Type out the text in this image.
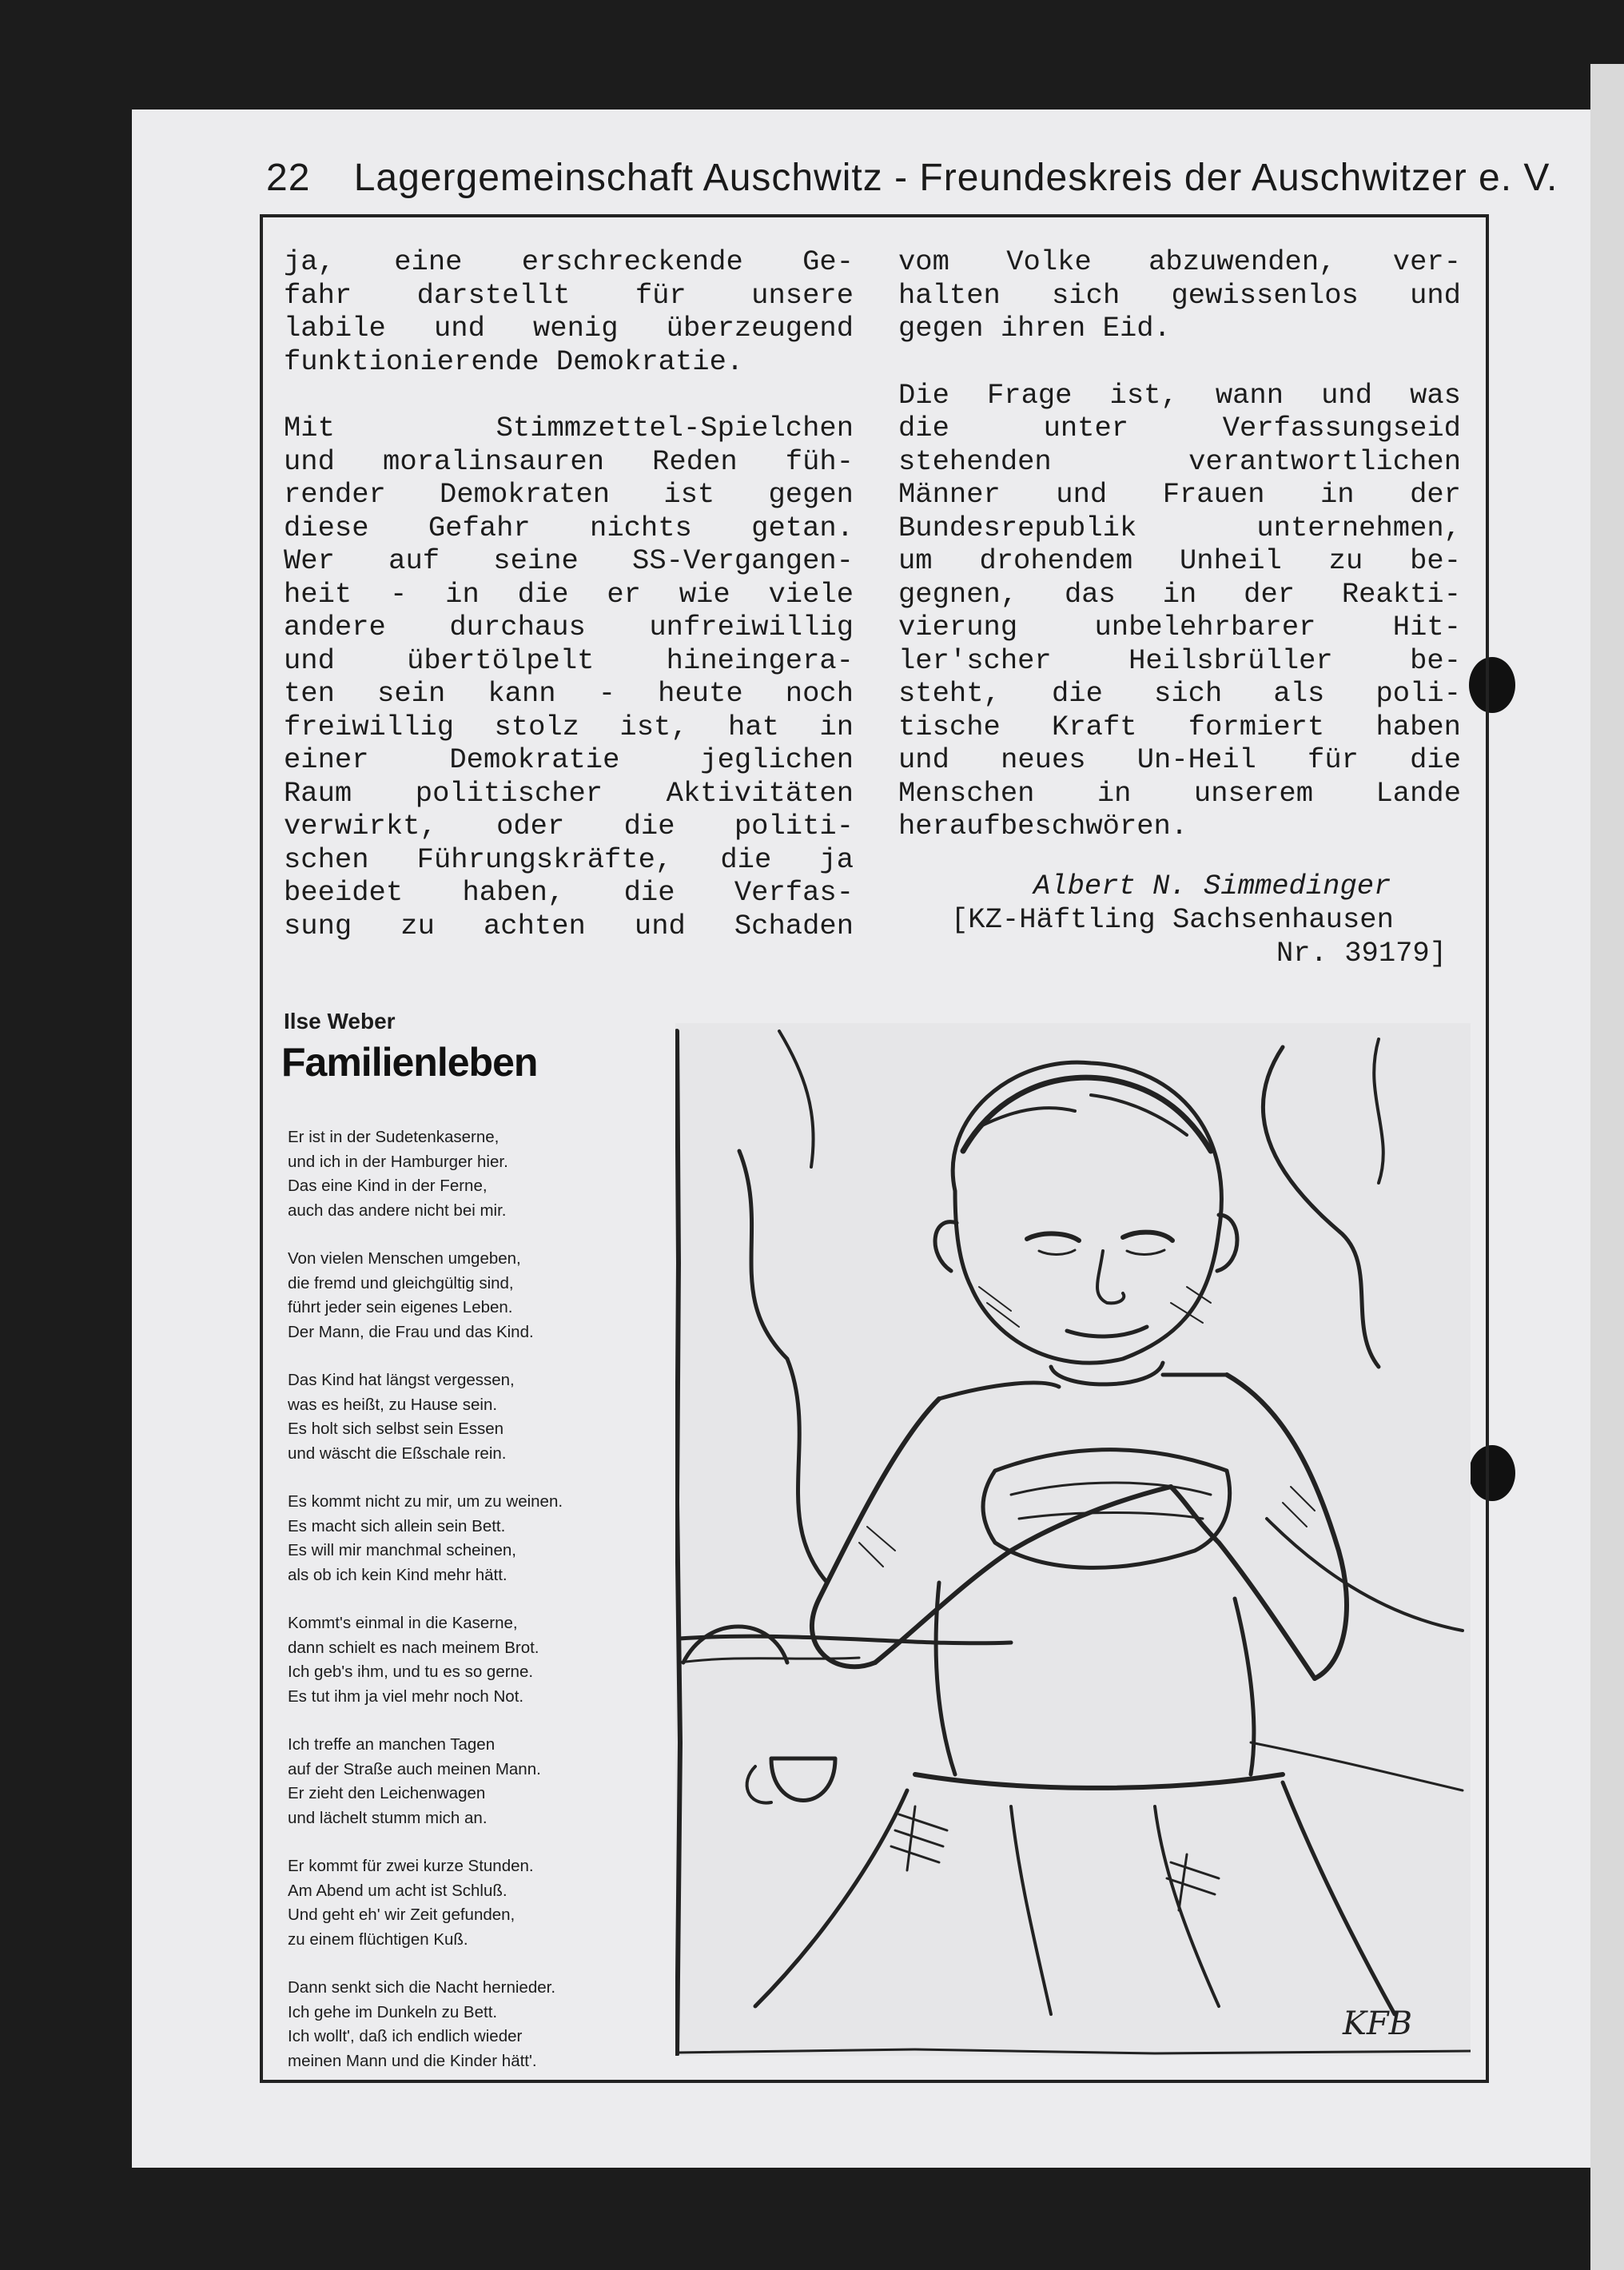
22 Lagergemeinschaft Auschwitz - Freundeskreis der Auschwitzer e. V.
ja, eine erschreckende Ge-
fahr darstellt für unsere
labile und wenig überzeugend
funktionierende Demokratie.
Mit Stimmzettel-Spielchen
und moralinsauren Reden füh-
render Demokraten ist gegen
diese Gefahr nichts getan.
Wer auf seine SS-Vergangen-
heit - in die er wie viele
andere durchaus unfreiwillig
und übertölpelt hineingera-
ten sein kann - heute noch
freiwillig stolz ist, hat in
einer Demokratie jeglichen
Raum politischer Aktivitäten
verwirkt, oder die politi-
schen Führungskräfte, die ja
beeidet haben, die Verfas-
sung zu achten und Schaden
vom Volke abzuwenden, ver-
halten sich gewissenlos und
gegen ihren Eid.
Die Frage ist, wann und was
die unter Verfassungseid
stehenden verantwortlichen
Männer und Frauen in der
Bundesrepublik unternehmen,
um drohendem Unheil zu be-
gegnen, das in der Reakti-
vierung unbelehrbarer Hit-
ler'scher Heilsbrüller be-
steht, die sich als poli-
tische Kraft formiert haben
und neues Un-Heil für die
Menschen in unserem Lande
heraufbeschwören.
Albert N. Simmedinger
[KZ-Häftling Sachsenhausen
Nr. 39179]
Ilse Weber
Familienleben
Er ist in der Sudetenkaserne,
und ich in der Hamburger hier.
Das eine Kind in der Ferne,
auch das andere nicht bei mir.
Von vielen Menschen umgeben,
die fremd und gleichgültig sind,
führt jeder sein eigenes Leben.
Der Mann, die Frau und das Kind.
Das Kind hat längst vergessen,
was es heißt, zu Hause sein.
Es holt sich selbst sein Essen
und wäscht die Eßschale rein.
Es kommt nicht zu mir, um zu weinen.
Es macht sich allein sein Bett.
Es will mir manchmal scheinen,
als ob ich kein Kind mehr hätt.
Kommt's einmal in die Kaserne,
dann schielt es nach meinem Brot.
Ich geb's ihm, und tu es so gerne.
Es tut ihm ja viel mehr noch Not.
Ich treffe an manchen Tagen
auf der Straße auch meinen Mann.
Er zieht den Leichenwagen
und lächelt stumm mich an.
Er kommt für zwei kurze Stunden.
Am Abend um acht ist Schluß.
Und geht eh' wir Zeit gefunden,
zu einem flüchtigen Kuß.
Dann senkt sich die Nacht hernieder.
Ich gehe im Dunkeln zu Bett.
Ich wollt', daß ich endlich wieder
meinen Mann und die Kinder hätt'.
KFB
